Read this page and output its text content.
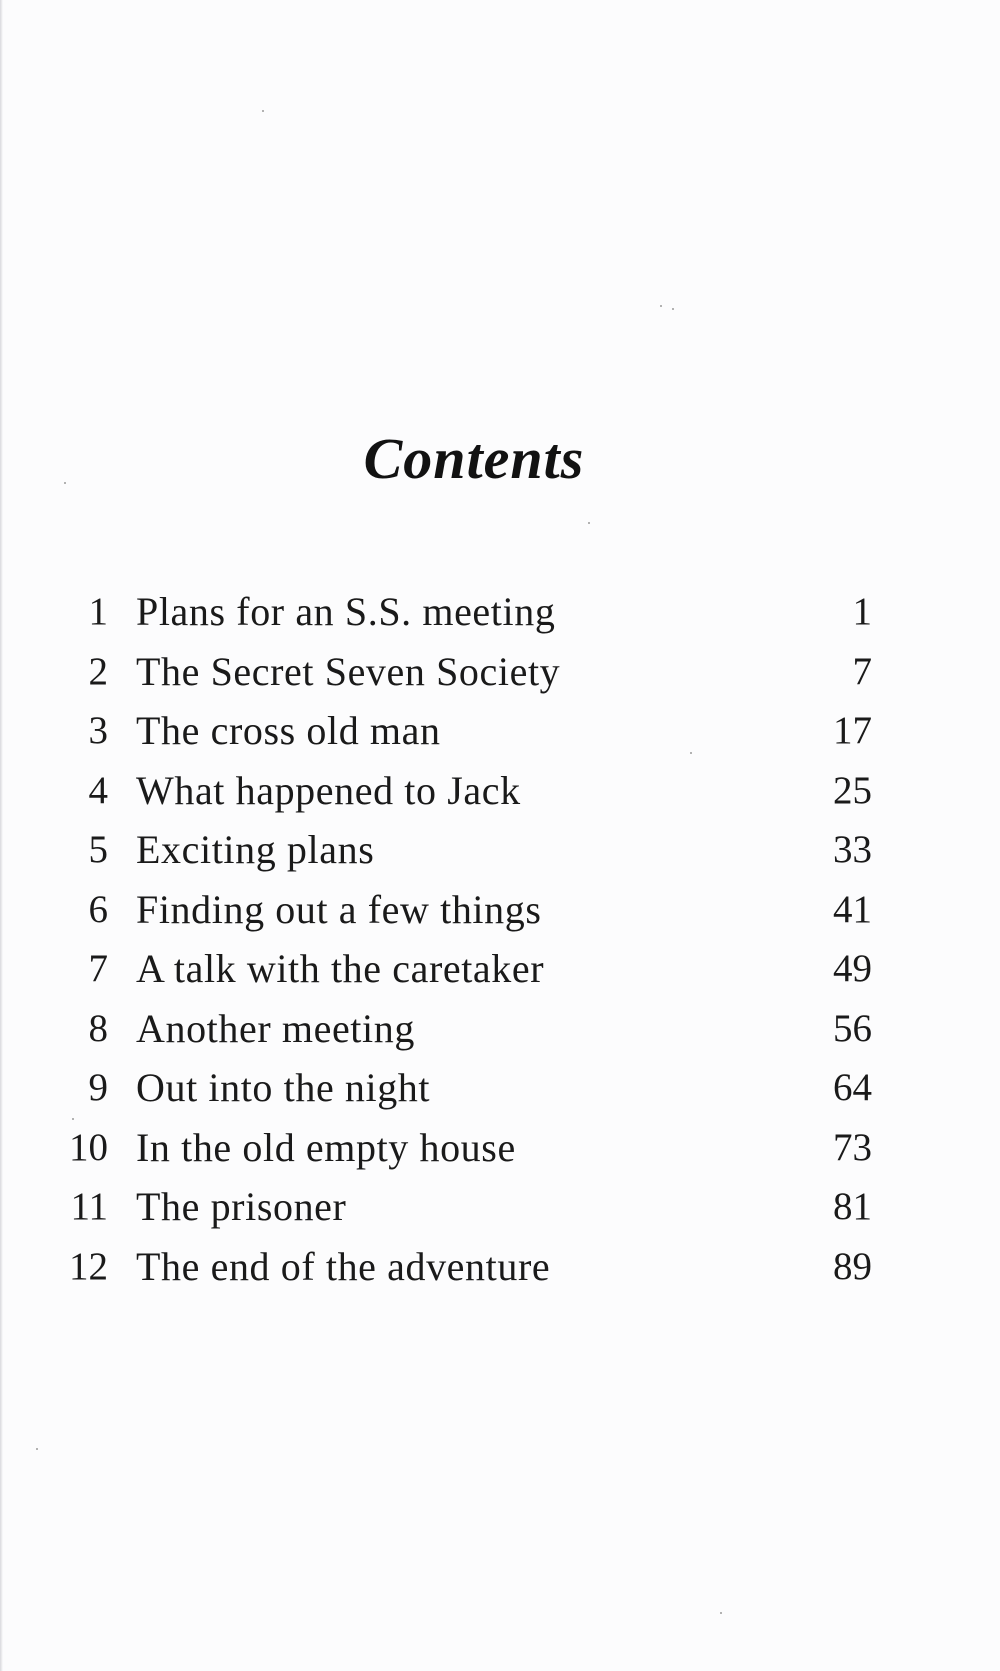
Contents
1 Plans for an S.S. meeting	1
2 The Secret Seven Society	7
3 The cross old man	17
4 What happened to Jack	25
5 Exciting plans	33
6 Finding out a few things	41
7 A talk with the caretaker	49
8 Another meeting	56
9 Out into the night	64
10 In the old empty house	73
11 The prisoner	81
12 The end of the adventure	89
